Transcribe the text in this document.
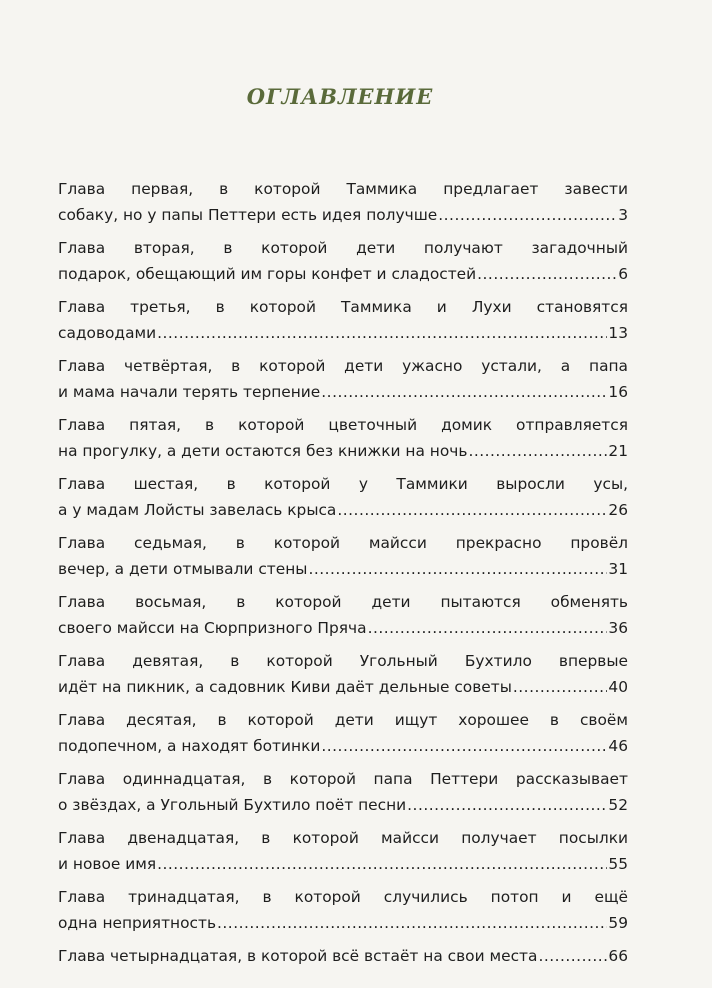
ОГЛАВЛЕНИЕ
Глава первая, в которой Таммика предлагает завести
собаку, но у папы Петтери есть идея получше .....	3
Глава вторая, в которой дети получают загадочный
подарок, обещающий им горы конфет и сладостей .....	6
Глава третья, в которой Таммика и Лухи становятся
садоводами .....	13
Глава четвёртая, в которой дети ужасно устали, а папа
и мама начали терять терпение .....	16
Глава пятая, в которой цветочный домик отправляется
на прогулку, а дети остаются без книжки на ночь .....	21
Глава шестая, в которой у Таммики выросли усы,
а у мадам Лойсты завелась крыса .....	26
Глава седьмая, в которой майсси прекрасно провёл
вечер, а дети отмывали стены .....	31
Глава восьмая, в которой дети пытаются обменять
своего майсси на Сюрпризного Пряча .....	36
Глава девятая, в которой Угольный Бухтило впервые
идёт на пикник, а садовник Киви даёт дельные советы .....	40
Глава десятая, в которой дети ищут хорошее в своём
подопечном, а находят ботинки .....	46
Глава одиннадцатая, в которой папа Петтери рассказывает
о звёздах, а Угольный Бухтило поёт песни .....	52
Глава двенадцатая, в которой майсси получает посылки
и новое имя .....	55
Глава тринадцатая, в которой случились потоп и ещё
одна неприятность .....	59
Глава четырнадцатая, в которой всё встаёт на свои места .....	66
